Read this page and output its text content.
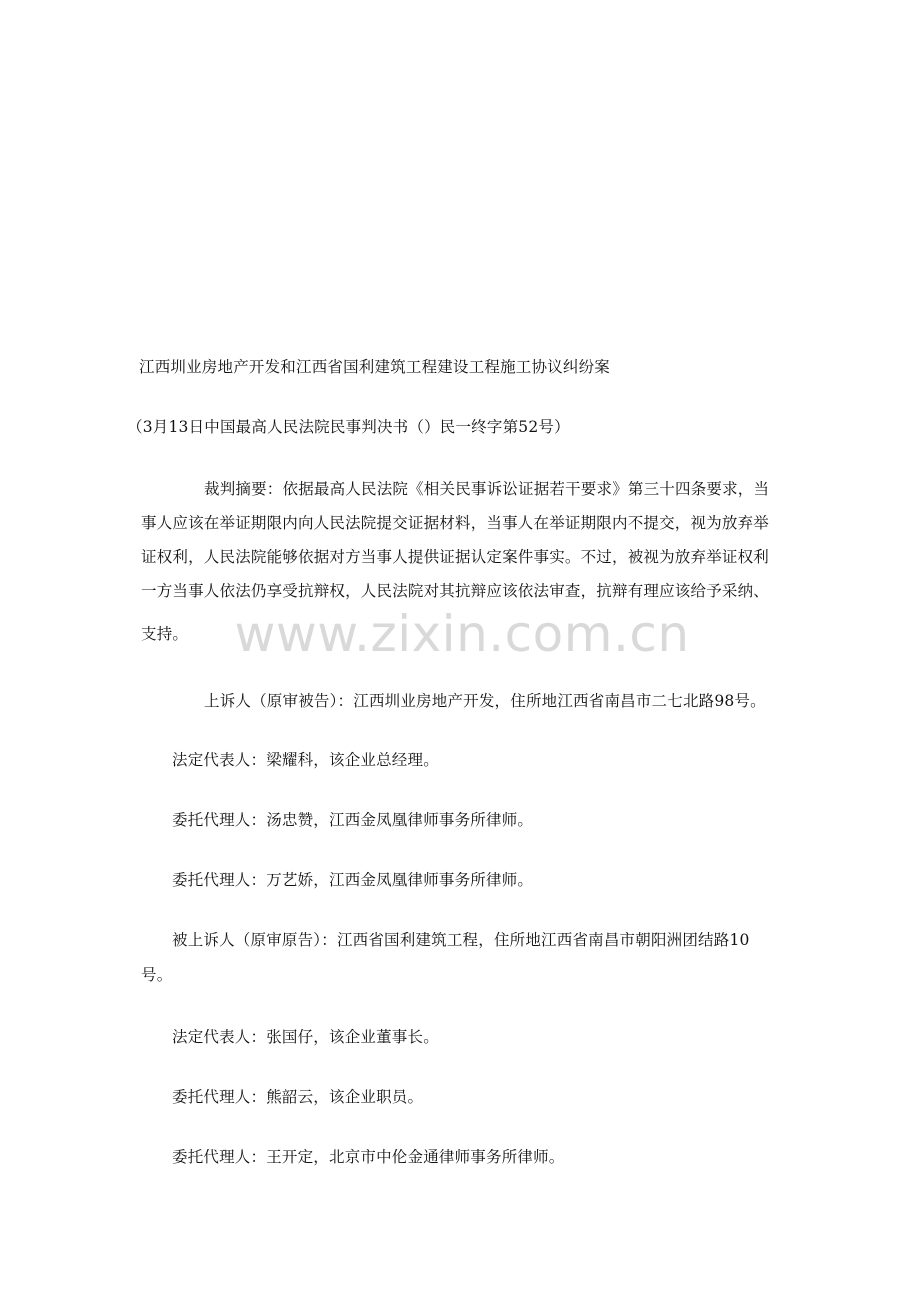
江西圳业房地产开发和江西省国利建筑工程建设工程施工协议纠纷案
（3月13日中国最高人民法院民事判决书（）民一终字第52号）
裁判摘要：依据最高人民法院《相关民事诉讼证据若干要求》第三十四条要求，当
事人应该在举证期限内向人民法院提交证据材料，当事人在举证期限内不提交，视为放弃举
证权利，人民法院能够依据对方当事人提供证据认定案件事实。不过，被视为放弃举证权利
一方当事人依法仍享受抗辩权，人民法院对其抗辩应该依法审查，抗辩有理应该给予采纳、
支持。
上诉人（原审被告）：江西圳业房地产开发，住所地江西省南昌市二七北路98号。
法定代表人：梁耀科，该企业总经理。
委托代理人：汤忠赞，江西金凤凰律师事务所律师。
委托代理人：万艺娇，江西金凤凰律师事务所律师。
被上诉人（原审原告）：江西省国利建筑工程，住所地江西省南昌市朝阳洲团结路10
号。
法定代表人：张国仔，该企业董事长。
委托代理人：熊韶云，该企业职员。
委托代理人：王开定，北京市中伦金通律师事务所律师。
www.zixin.com.cn
